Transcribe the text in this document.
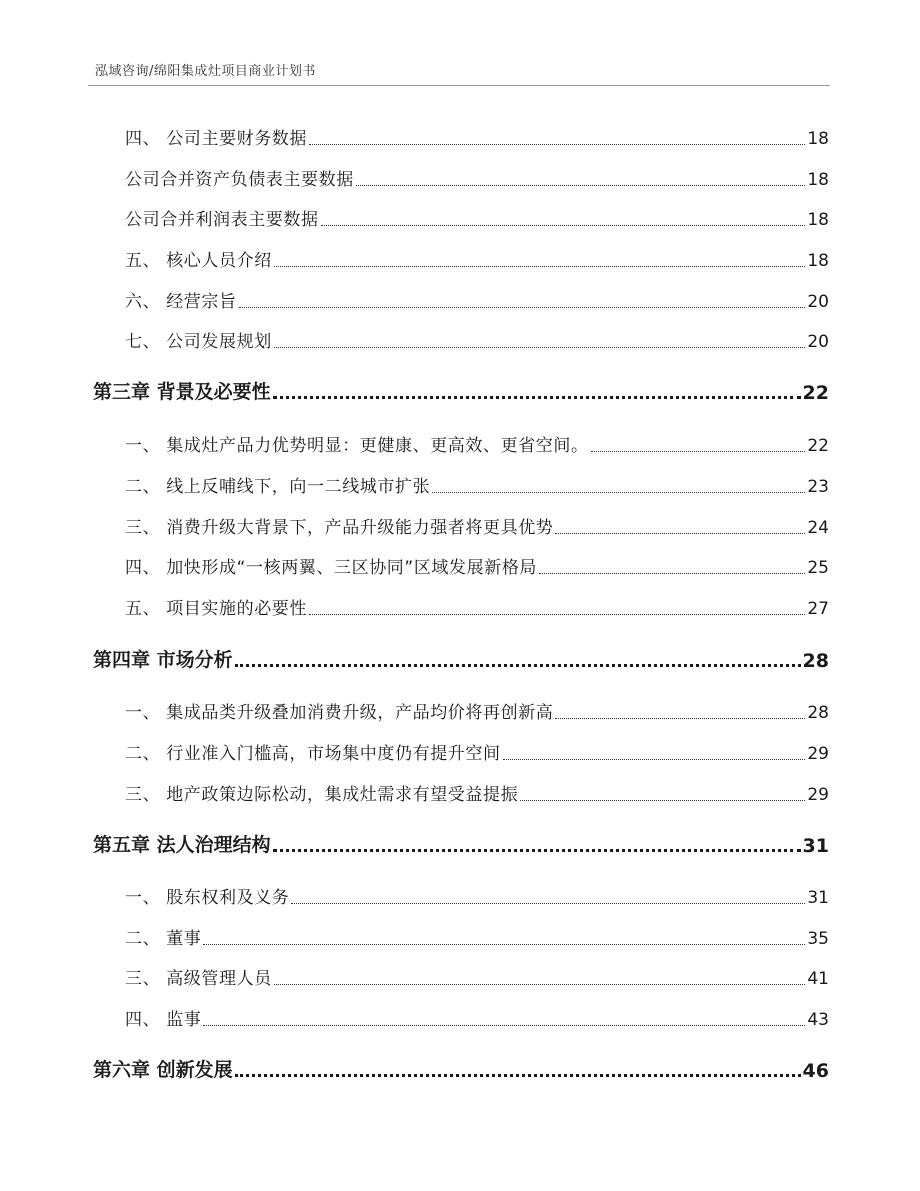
泓域咨询/绵阳集成灶项目商业计划书
四、 公司主要财务数据	18
公司合并资产负债表主要数据	18
公司合并利润表主要数据	18
五、 核心人员介绍	18
六、 经营宗旨	20
七、 公司发展规划	20
第三章 背景及必要性	22
一、 集成灶产品力优势明显：更健康、更高效、更省空间。	22
二、 线上反哺线下，向一二线城市扩张	23
三、 消费升级大背景下，产品升级能力强者将更具优势	24
四、 加快形成“一核两翼、三区协同”区域发展新格局	25
五、 项目实施的必要性	27
第四章 市场分析	28
一、 集成品类升级叠加消费升级，产品均价将再创新高	28
二、 行业准入门槛高，市场集中度仍有提升空间	29
三、 地产政策边际松动，集成灶需求有望受益提振	29
第五章 法人治理结构	31
一、 股东权利及义务	31
二、 董事	35
三、 高级管理人员	41
四、 监事	43
第六章 创新发展	46
